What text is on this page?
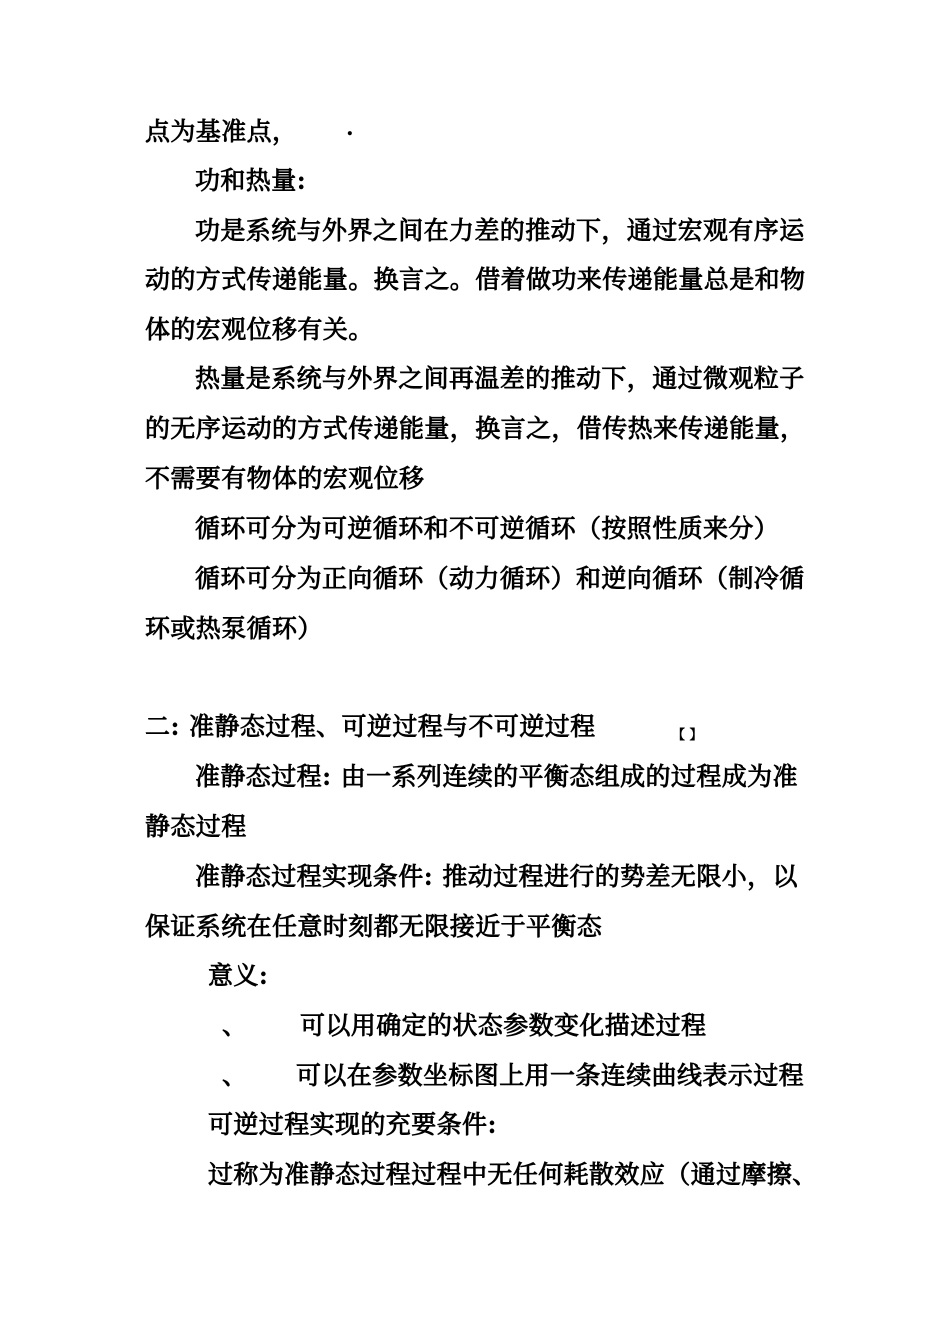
点为基准点， .
功和热量:
功是系统与外界之间在力差的推动下，通过宏观有序运
动的方式传递能量。换言之。借着做功来传递能量总是和物
体的宏观位移有关。
热量是系统与外界之间再温差的推动下，通过微观粒子
的无序运动的方式传递能量，换言之，借传热来传递能量，
不需要有物体的宏观位移
循环可分为可逆循环和不可逆循环（按照性质来分）
循环可分为正向循环（动力循环）和逆向循环（制冷循
环或热泵循环）
二: 准静态过程、可逆过程与不可逆过程	【 】
准静态过程: 由一系列连续的平衡态组成的过程成为准
静态过程
准静态过程实现条件: 推动过程进行的势差无限小，以
保证系统在任意时刻都无限接近于平衡态
意义:
、 可以用确定的状态参数变化描述过程
、 可以在参数坐标图上用一条连续曲线表示过程
可逆过程实现的充要条件:
过称为准静态过程过程中无任何耗散效应（通过摩擦、
